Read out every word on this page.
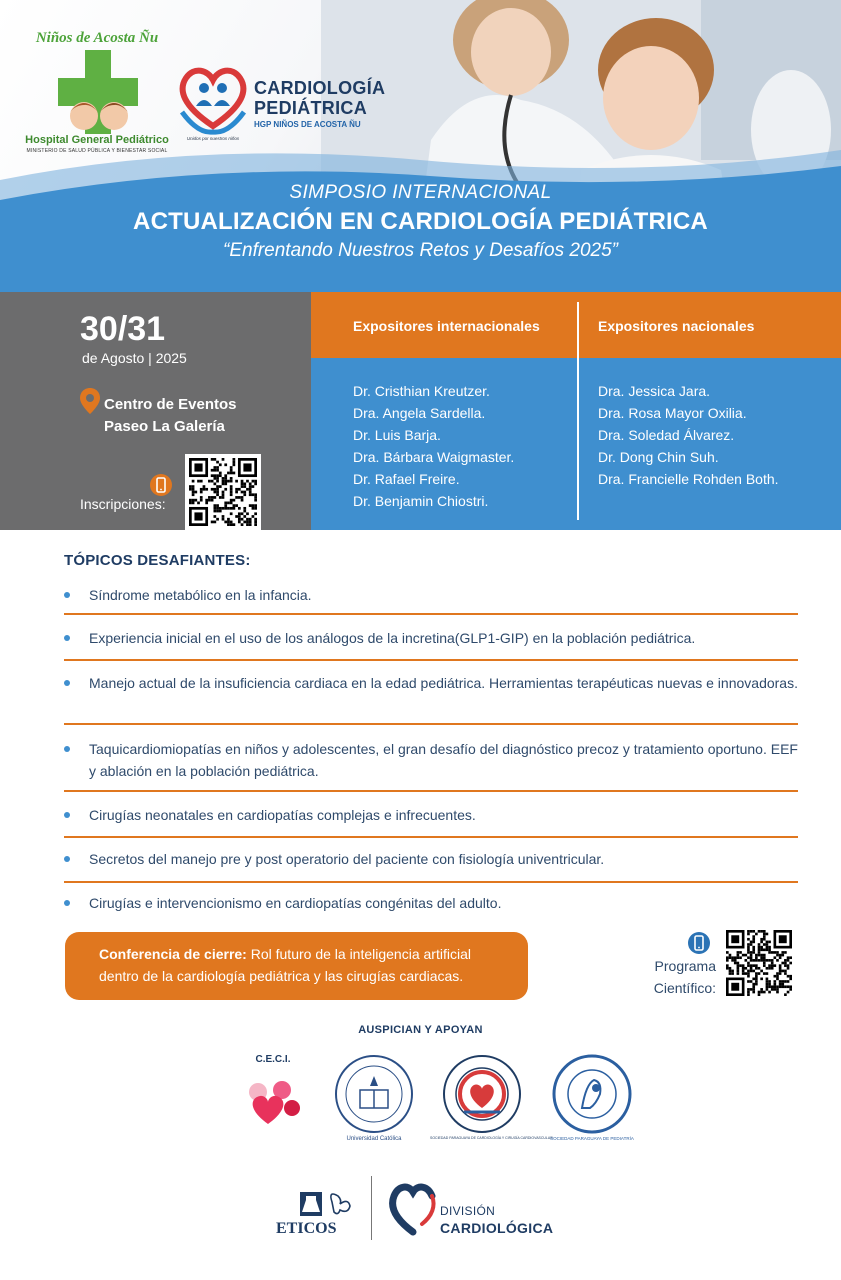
Niños de Acosta Ñu
Hospital General Pediátrico
MINISTERIO DE SALUD PÚBLICA Y BIENESTAR SOCIAL
CARDIOLOGÍA
PEDIÁTRICA
HGP NIÑOS DE ACOSTA ÑU
Unidos por nuestros niños
SIMPOSIO INTERNACIONAL
ACTUALIZACIÓN EN CARDIOLOGÍA PEDIÁTRICA
“Enfrentando Nuestros Retos y Desafíos 2025”
30/31
de Agosto | 2025
Centro de Eventos
Paseo La Galería
Inscripciones:
Expositores internacionales	Expositores nacionales
Dr. Cristhian Kreutzer.
Dra. Angela Sardella.
Dr. Luis Barja.
Dra. Bárbara Waigmaster.
Dr. Rafael Freire.
Dr. Benjamin Chiostri.
Dra. Jessica Jara.
Dra. Rosa Mayor Oxilia.
Dra. Soledad Álvarez.
Dr. Dong Chin Suh.
Dra. Francielle Rohden Both.
TÓPICOS DESAFIANTES:
Síndrome metabólico en la infancia.
Experiencia inicial en el uso de los análogos de la incretina(GLP1-GIP) en la población pediátrica.
Manejo actual de la insuficiencia cardiaca en la edad pediátrica. Herramientas terapéuticas nuevas e innovadoras.
Taquicardiomiopatías en niños y adolescentes, el gran desafío del diagnóstico precoz y tratamiento oportuno. EEF y ablación en la población pediátrica.
Cirugías neonatales en cardiopatías complejas e infrecuentes.
Secretos del manejo pre y post operatorio del paciente con fisiología univentricular.
Cirugías e intervencionismo en cardiopatías congénitas del adulto.
Conferencia de cierre: Rol futuro de la inteligencia artificial dentro de la cardiología pediátrica y las cirugías cardiacas.
Programa
Científico:
AUSPICIAN Y APOYAN
C.E.C.I.
Universidad Católica	SOCIEDAD PARAGUAYA DE CARDIOLOGÍA Y CIRUGÍA CARDIOVASCULAR
SOCIEDAD PARAGUAYA DE PEDIATRÍA
ETICOS
DIVISIÓN
CARDIOLÓGICA
